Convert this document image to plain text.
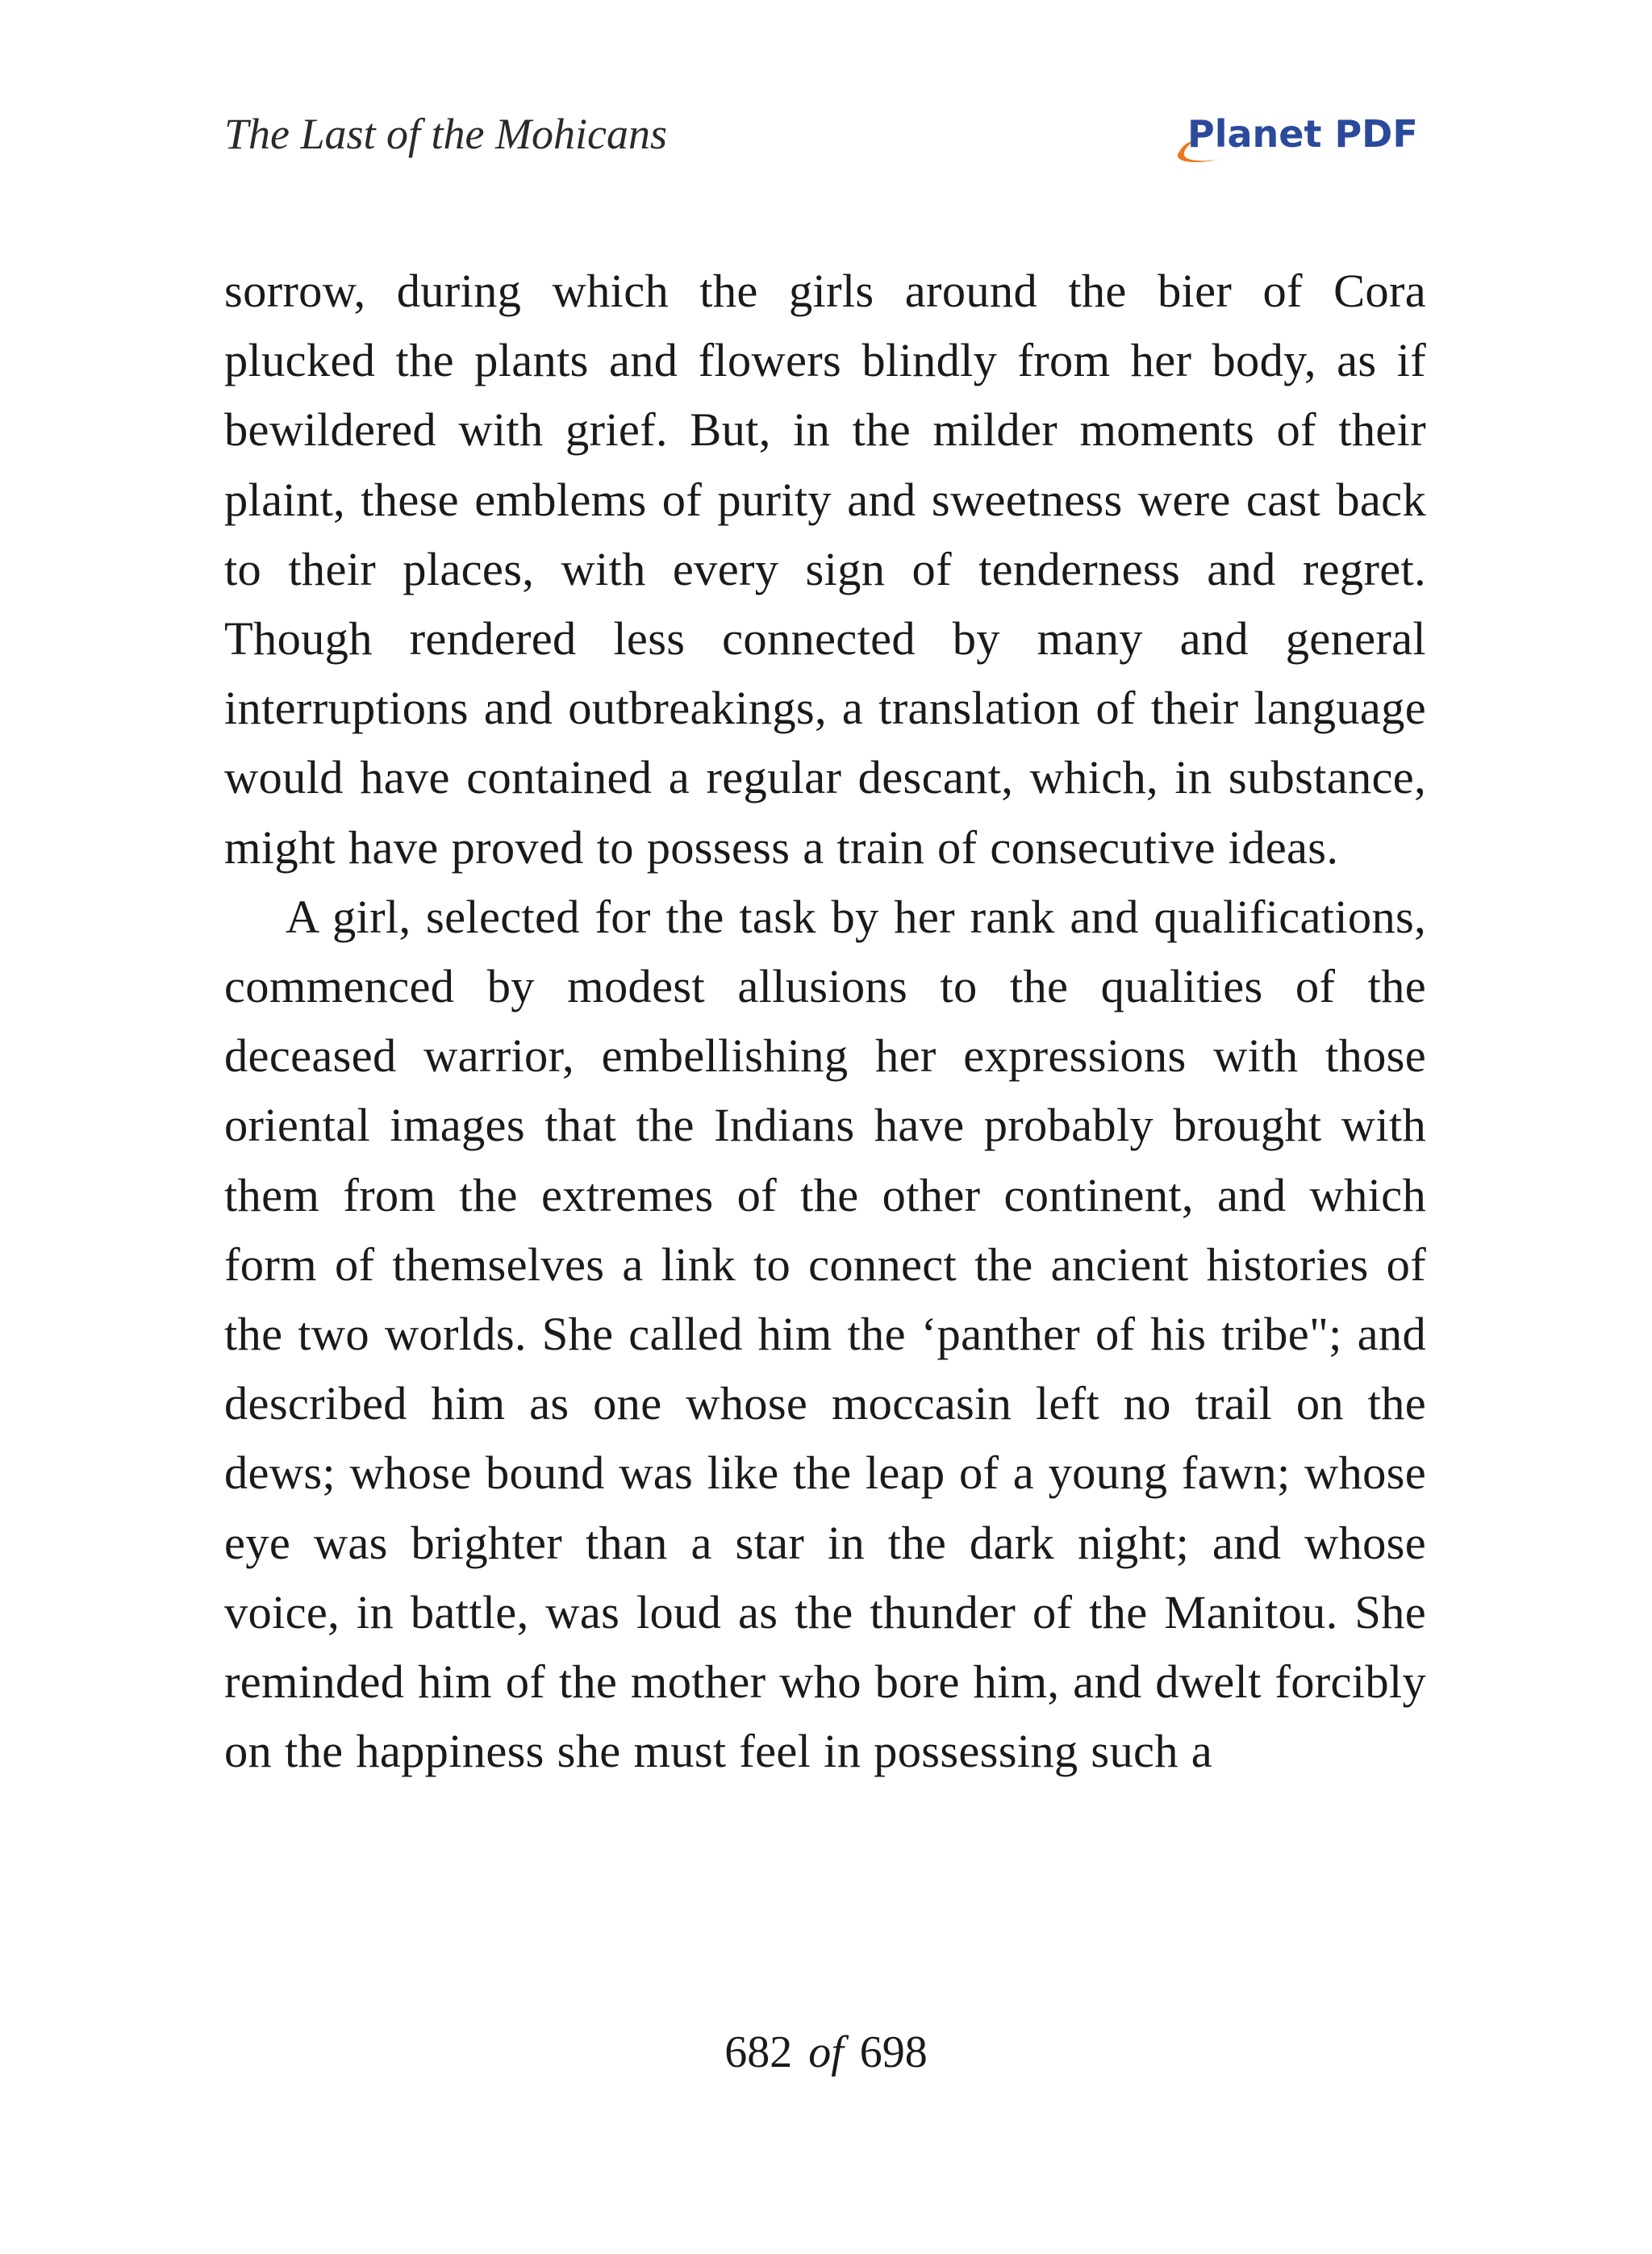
The Last of the Mohicans	Planet PDF

sorrow, during which the girls around the bier of Cora plucked the plants and flowers blindly from her body, as if bewildered with grief. But, in the milder moments of their plaint, these emblems of purity and sweetness were cast back to their places, with every sign of tenderness and regret. Though rendered less connected by many and general interruptions and outbreakings, a translation of their language would have contained a regular descant, which, in substance, might have proved to possess a train of consecutive ideas.

A girl, selected for the task by her rank and qualifications, commenced by modest allusions to the qualities of the deceased warrior, embellishing her expressions with those oriental images that the Indians have probably brought with them from the extremes of the other continent, and which form of themselves a link to connect the ancient histories of the two worlds. She called him the ‘panther of his tribe"; and described him as one whose moccasin left no trail on the dews; whose bound was like the leap of a young fawn; whose eye was brighter than a star in the dark night; and whose voice, in battle, was loud as the thunder of the Manitou. She reminded him of the mother who bore him, and dwelt forcibly on the happiness she must feel in possessing such a

682 of 698
